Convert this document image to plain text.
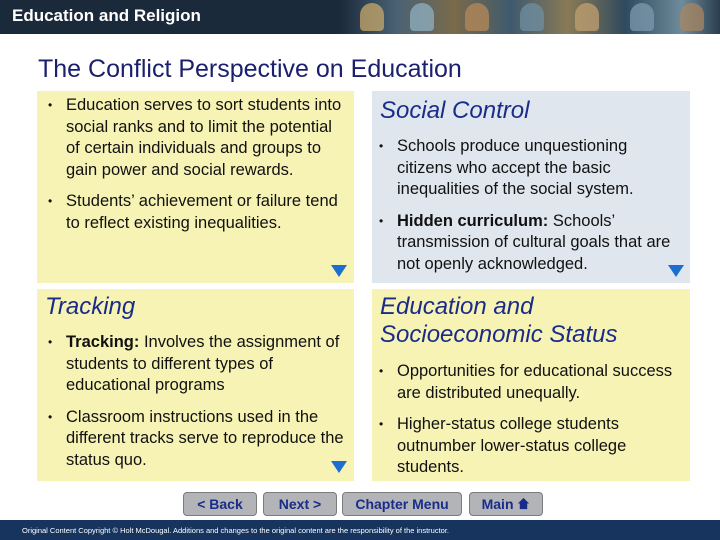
Education and Religion
The Conflict Perspective on Education
• Education serves to sort students into social ranks and to limit the potential of certain individuals and groups to gain power and social rewards.
• Students’ achievement or failure tend to reflect existing inequalities.
Social Control
• Schools produce unquestioning citizens who accept the basic inequalities of the social system.
• Hidden curriculum: Schools’ transmission of cultural goals that are not openly acknowledged.
Tracking
• Tracking: Involves the assignment of students to different types of educational programs
• Classroom instructions used in the different tracks serve to reproduce the status quo.
Education and Socioeconomic Status
• Opportunities for educational success are distributed unequally.
• Higher-status college students outnumber lower-status college students.
< Back	Next >	Chapter Menu	Main
Original Content Copyright © Holt McDougal. Additions and changes to the original content are the responsibility of the instructor.
